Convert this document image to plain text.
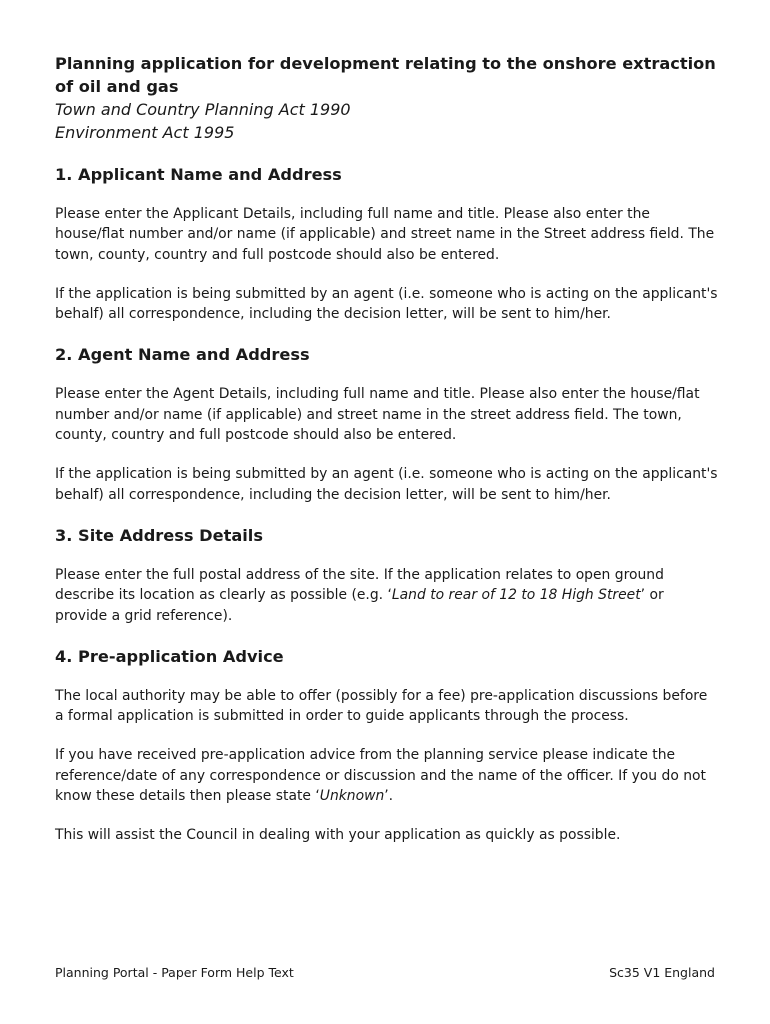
Planning application for development relating to the onshore extraction of oil and gas

Town and Country Planning Act 1990

Environment Act 1995

1. Applicant Name and Address

Please enter the Applicant Details, including full name and title. Please also enter the house/flat number and/or name (if applicable) and street name in the Street address field. The town, county, country and full postcode should also be entered.

If the application is being submitted by an agent (i.e. someone who is acting on the applicant's behalf) all correspondence, including the decision letter, will be sent to him/her.

2. Agent Name and Address

Please enter the Agent Details, including full name and title. Please also enter the house/flat number and/or name (if applicable) and street name in the street address field. The town, county, country and full postcode should also be entered.

If the application is being submitted by an agent (i.e. someone who is acting on the applicant's behalf) all correspondence, including the decision letter, will be sent to him/her.

3. Site Address Details

Please enter the full postal address of the site. If the application relates to open ground describe its location as clearly as possible (e.g. ‘Land to rear of 12 to 18 High Street’ or provide a grid reference).

4. Pre-application Advice

The local authority may be able to offer (possibly for a fee) pre-application discussions before a formal application is submitted in order to guide applicants through the process.

If you have received pre-application advice from the planning service please indicate the reference/date of any correspondence or discussion and the name of the officer. If you do not know these details then please state ‘Unknown’.

This will assist the Council in dealing with your application as quickly as possible.

Planning Portal - Paper Form Help Text	Sc35 V1 England
